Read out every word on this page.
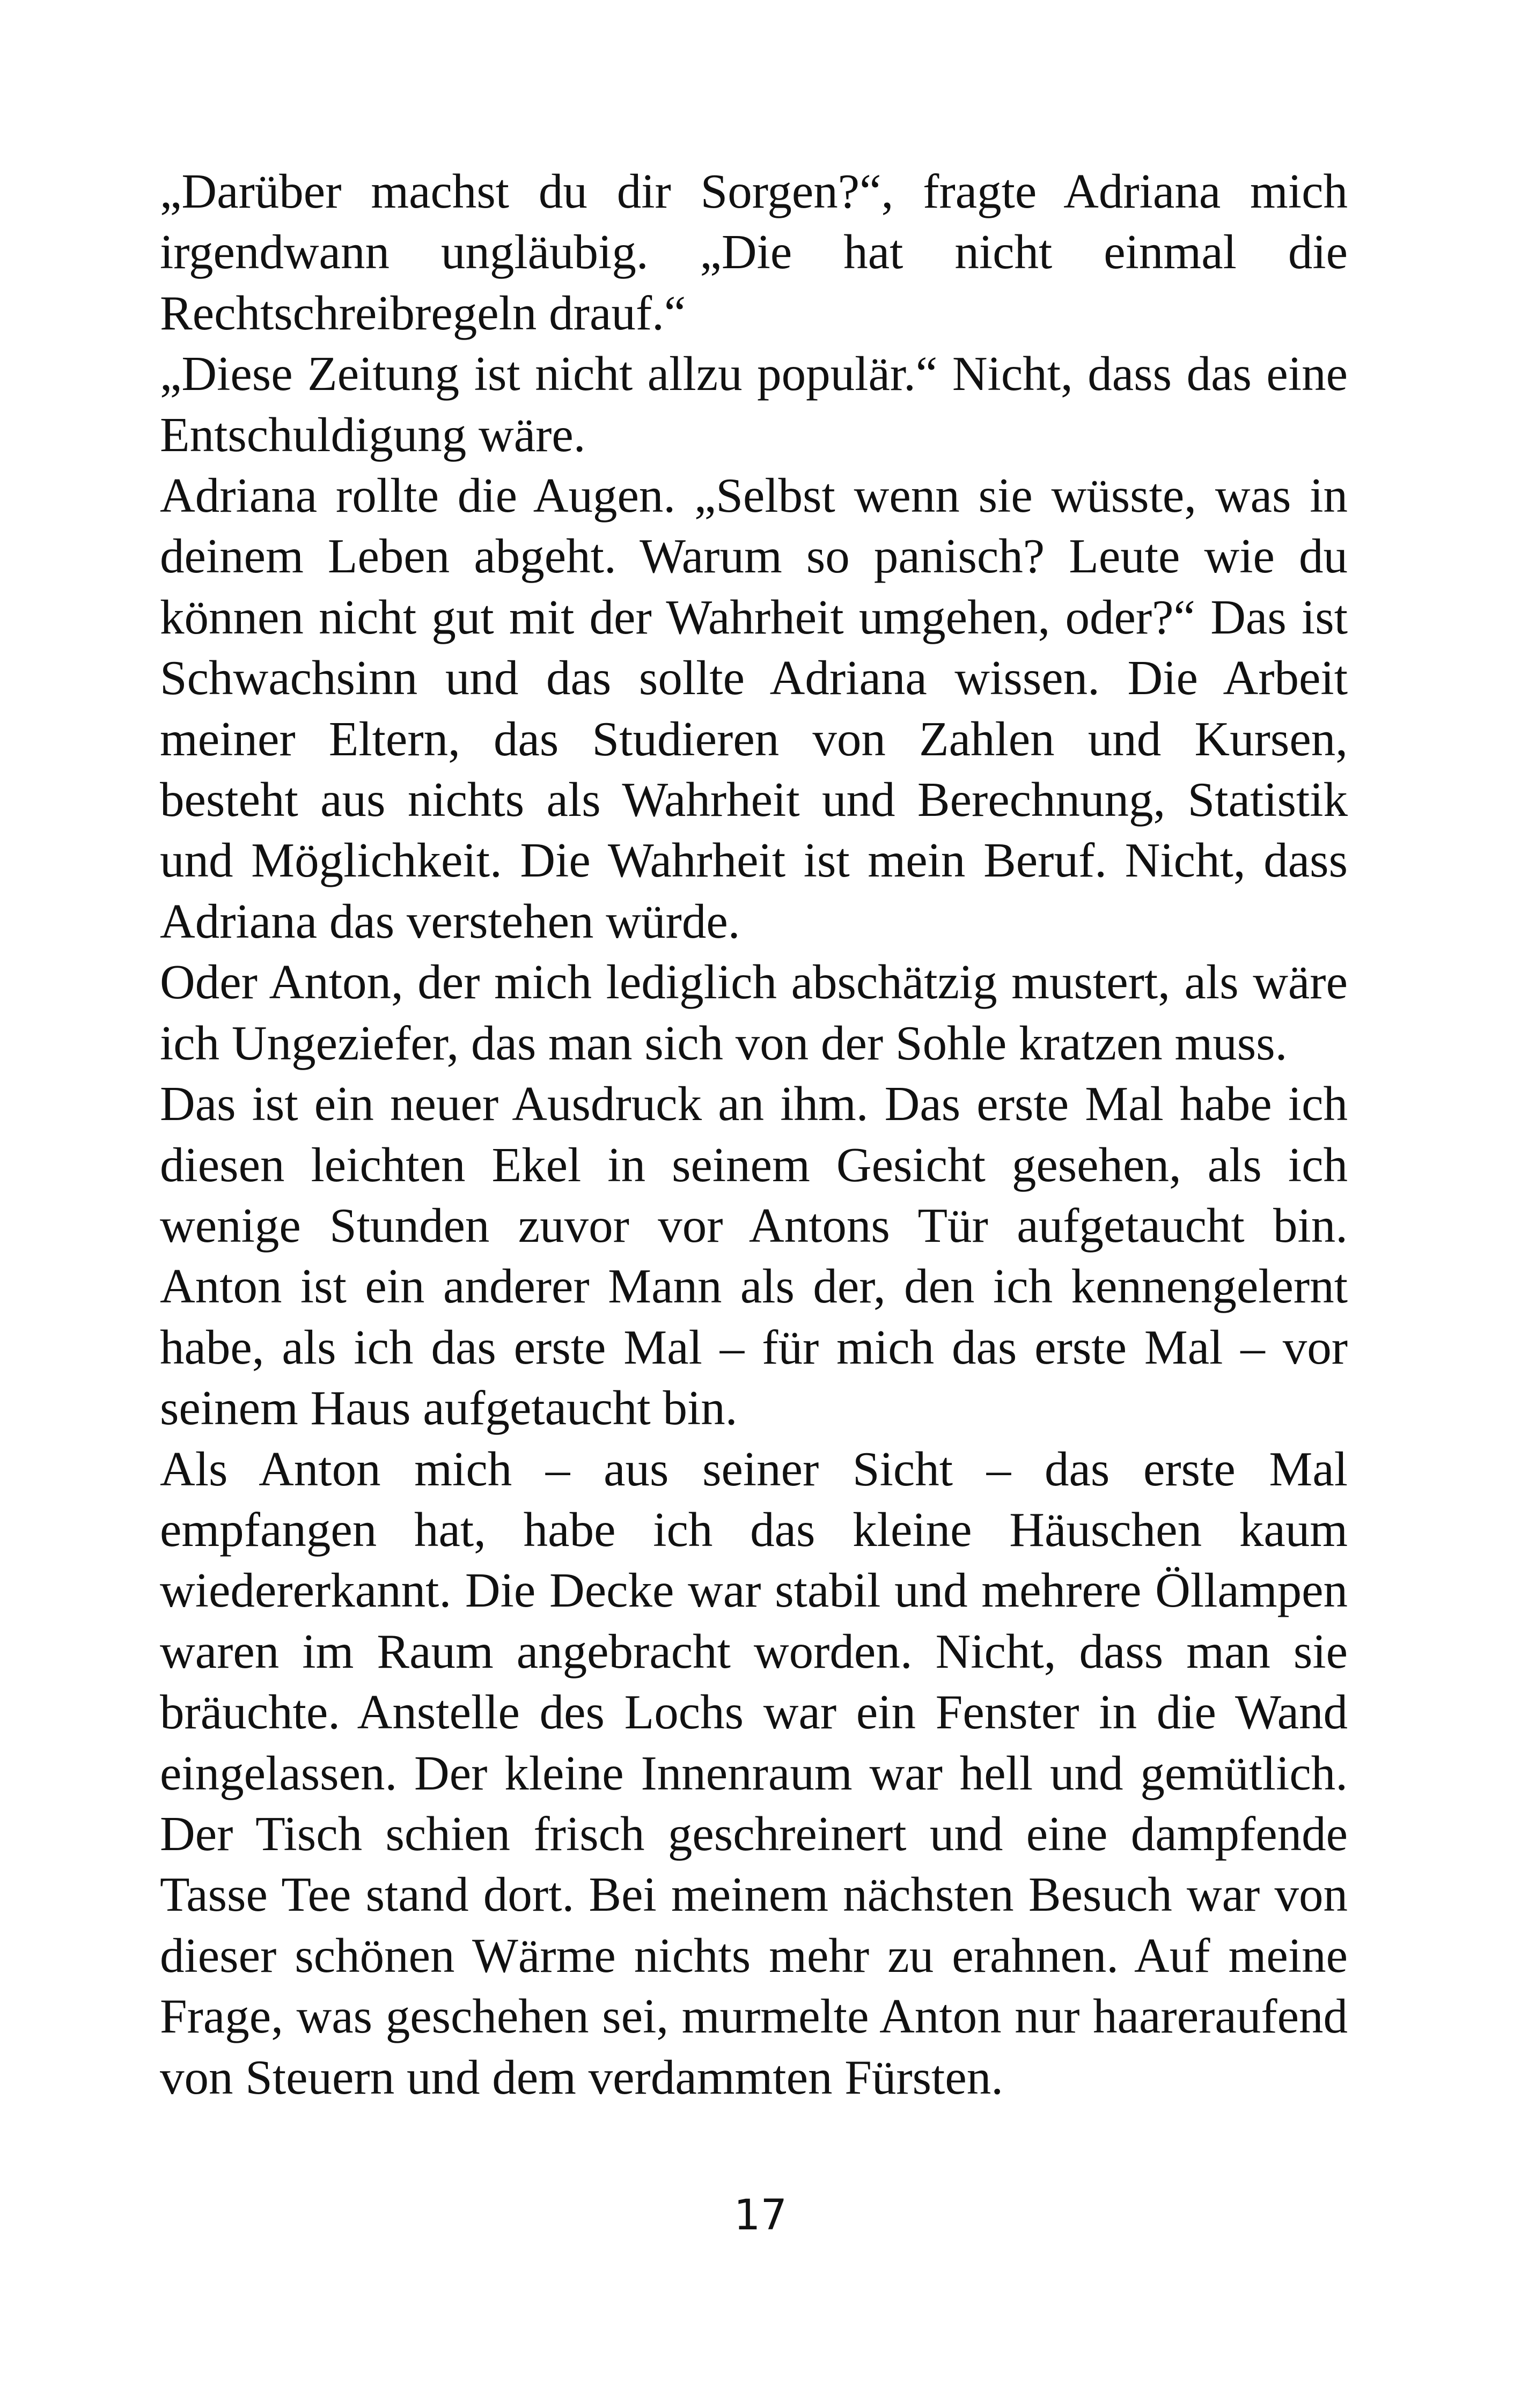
„Darüber machst du dir Sorgen?“, fragte Adriana mich irgendwann ungläubig. „Die hat nicht einmal die Rechtschreibregeln drauf.“

„Diese Zeitung ist nicht allzu populär.“ Nicht, dass das eine Entschuldigung wäre.

Adriana rollte die Augen. „Selbst wenn sie wüsste, was in deinem Leben abgeht. Warum so panisch? Leute wie du können nicht gut mit der Wahrheit umgehen, oder?“ Das ist Schwachsinn und das sollte Adriana wissen. Die Arbeit meiner Eltern, das Studieren von Zahlen und Kursen, besteht aus nichts als Wahrheit und Berechnung, Statistik und Möglichkeit. Die Wahrheit ist mein Beruf. Nicht, dass Adriana das verstehen würde.

Oder Anton, der mich lediglich abschätzig mustert, als wäre ich Ungeziefer, das man sich von der Sohle kratzen muss.

Das ist ein neuer Ausdruck an ihm. Das erste Mal habe ich diesen leichten Ekel in seinem Gesicht gesehen, als ich wenige Stunden zuvor vor Antons Tür aufgetaucht bin. Anton ist ein anderer Mann als der, den ich kennengelernt habe, als ich das erste Mal – für mich das erste Mal – vor seinem Haus aufgetaucht bin.

Als Anton mich – aus seiner Sicht – das erste Mal empfangen hat, habe ich das kleine Häuschen kaum wiedererkannt. Die Decke war stabil und mehrere Öllampen waren im Raum angebracht worden. Nicht, dass man sie bräuchte. Anstelle des Lochs war ein Fenster in die Wand eingelassen. Der kleine Innenraum war hell und gemütlich. Der Tisch schien frisch geschreinert und eine dampfende Tasse Tee stand dort. Bei meinem nächsten Besuch war von dieser schönen Wärme nichts mehr zu erahnen. Auf meine Frage, was geschehen sei, murmelte Anton nur haareraufend von Steuern und dem verdammten Fürsten.

17
